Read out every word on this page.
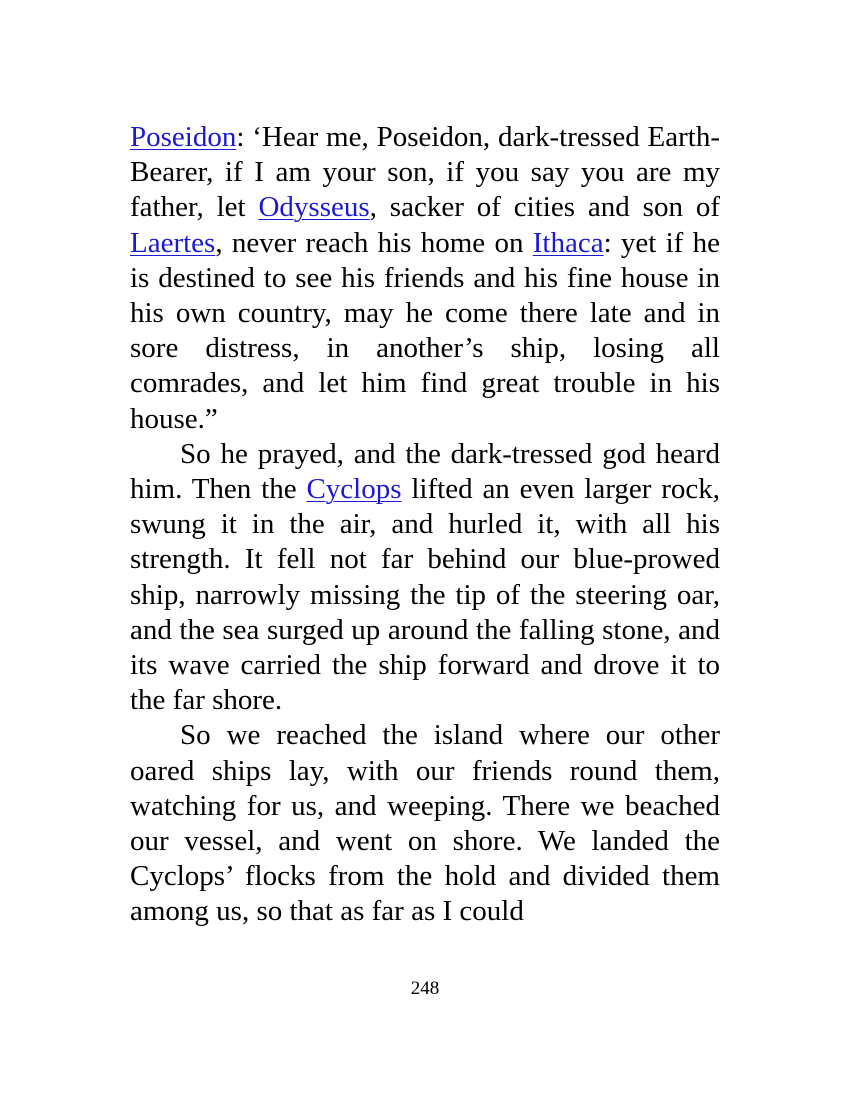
Poseidon: ‘Hear me, Poseidon, dark-tressed Earth-Bearer, if I am your son, if you say you are my father, let Odysseus, sacker of cities and son of Laertes, never reach his home on Ithaca: yet if he is destined to see his friends and his fine house in his own country, may he come there late and in sore distress, in another’s ship, losing all comrades, and let him find great trouble in his house.”

So he prayed, and the dark-tressed god heard him. Then the Cyclops lifted an even larger rock, swung it in the air, and hurled it, with all his strength. It fell not far behind our blue-prowed ship, narrowly missing the tip of the steering oar, and the sea surged up around the falling stone, and its wave carried the ship forward and drove it to the far shore.

So we reached the island where our other oared ships lay, with our friends round them, watching for us, and weeping. There we beached our vessel, and went on shore. We landed the Cyclops’ flocks from the hold and divided them among us, so that as far as I could

248
